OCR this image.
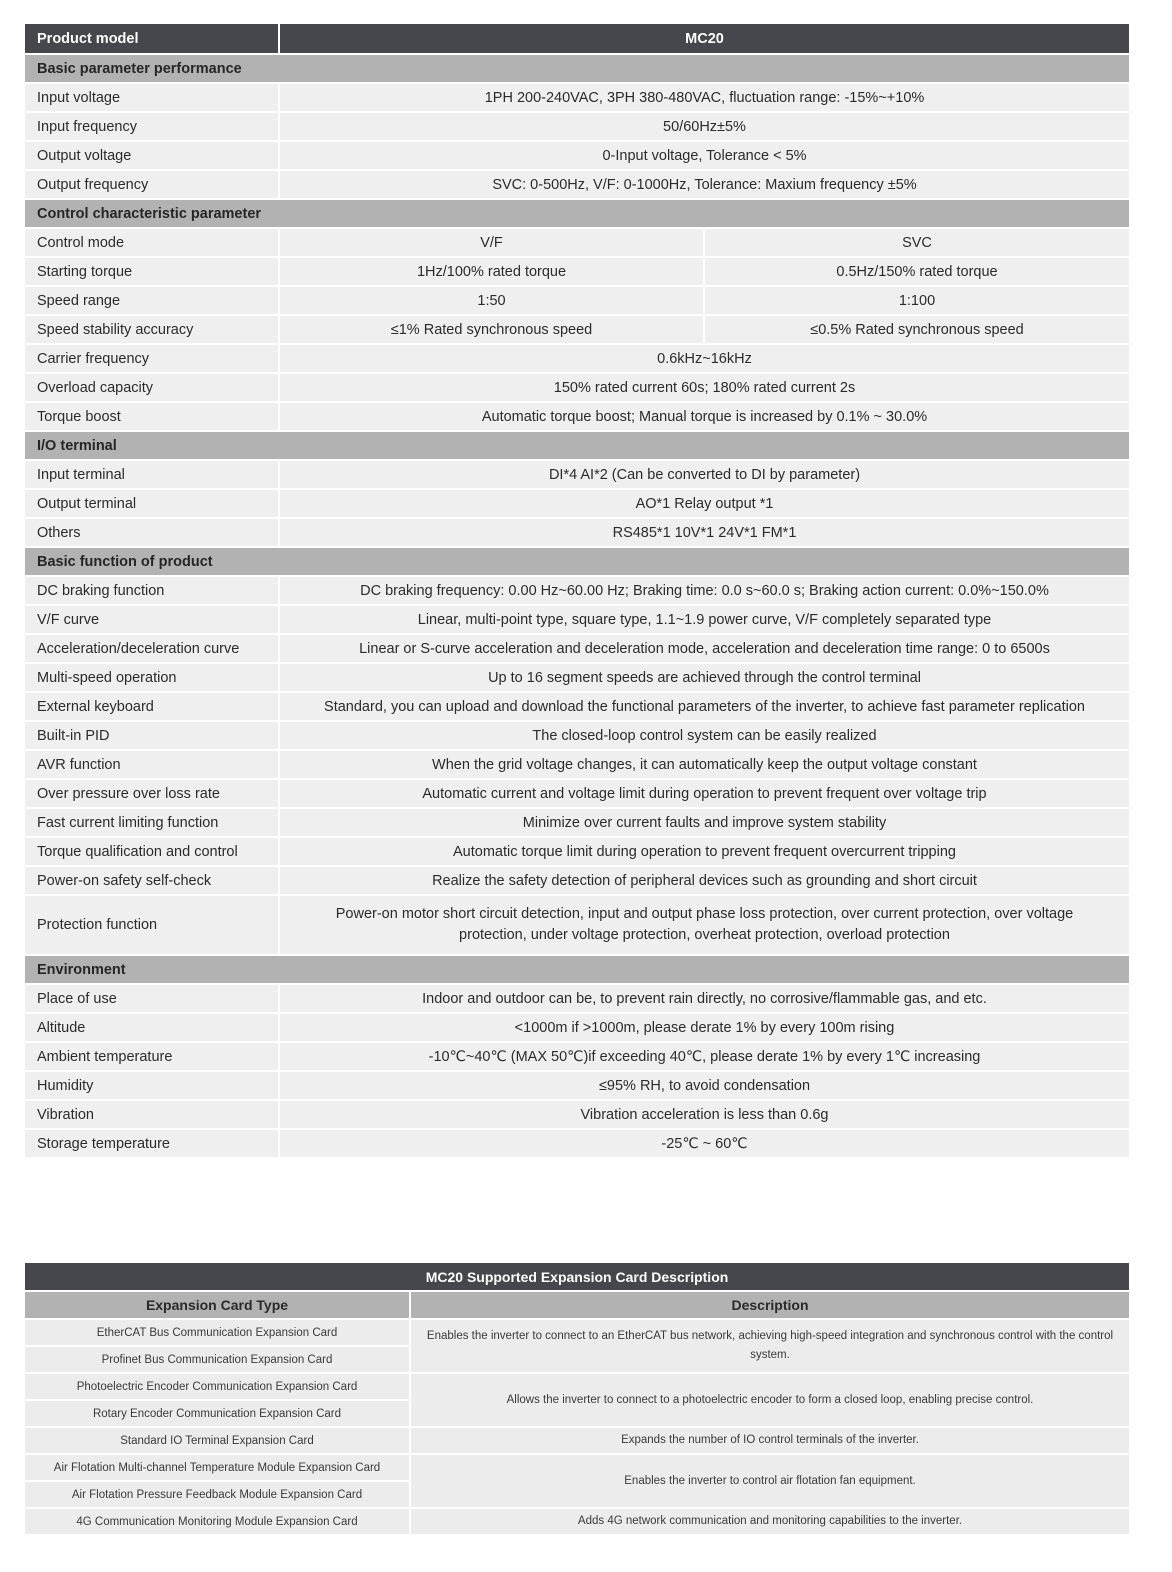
Product model	MC20	
Basic parameter performance		
Input voltage	1PH 200-240VAC, 3PH 380-480VAC, fluctuation range: -15%~+10%	
Input frequency	50/60Hz±5%	
Output voltage	0-Input voltage, Tolerance < 5%	
Output frequency	SVC: 0-500Hz, V/F: 0-1000Hz, Tolerance: Maxium frequency ±5%	
Control characteristic parameter		
Control mode	V/F	SVC
Starting torque	1Hz/100% rated torque	0.5Hz/150% rated torque
Speed range	1:50	1:100
Speed stability accuracy	≤1% Rated synchronous speed	≤0.5% Rated synchronous speed
Carrier frequency	0.6kHz~16kHz	
Overload capacity	150% rated current 60s; 180% rated current 2s	
Torque boost	Automatic torque boost; Manual torque is increased by 0.1% ~ 30.0%	
I/O terminal		
Input terminal	DI*4 AI*2 (Can be converted to DI by parameter)	
Output terminal	AO*1 Relay output *1	
Others	RS485*1 10V*1 24V*1 FM*1	
Basic function of product		
DC braking function	DC braking frequency: 0.00 Hz~60.00 Hz; Braking time: 0.0 s~60.0 s; Braking action current: 0.0%~150.0%	
V/F curve	Linear, multi-point type, square type, 1.1~1.9 power curve, V/F completely separated type	
Acceleration/deceleration curve	Linear or S-curve acceleration and deceleration mode, acceleration and deceleration time range: 0 to 6500s	
Multi-speed operation	Up to 16 segment speeds are achieved through the control terminal	
External keyboard	Standard, you can upload and download the functional parameters of the inverter, to achieve fast parameter replication	
Built-in PID	The closed-loop control system can be easily realized	
AVR function	When the grid voltage changes, it can automatically keep the output voltage constant	
Over pressure over loss rate	Automatic current and voltage limit during operation to prevent frequent over voltage trip	
Fast current limiting function	Minimize over current faults and improve system stability	
Torque qualification and control	Automatic torque limit during operation to prevent frequent overcurrent tripping	
Power-on safety self-check	Realize the safety detection of peripheral devices such as grounding and short circuit	
Protection function	Power-on motor short circuit detection, input and output phase loss protection, over current protection, over voltage protection, under voltage protection, overheat protection, overload protection	
Environment		
Place of use	Indoor and outdoor can be, to prevent rain directly, no corrosive/flammable gas, and etc.	
Altitude	<1000m if >1000m, please derate 1% by every 100m rising	
Ambient temperature	-10℃~40℃ (MAX 50℃)if exceeding 40℃, please derate 1% by every 1℃ increasing	
Humidity	≤95% RH, to avoid condensation	
Vibration	Vibration acceleration is less than 0.6g	
Storage temperature	-25℃ ~ 60℃	
MC20 Supported Expansion Card Description	
Expansion Card Type	Description
EtherCAT Bus Communication Expansion Card	Enables the inverter to connect to an EtherCAT bus network, achieving high-speed integration and synchronous control with the control system.
Profinet Bus Communication Expansion Card	
Photoelectric Encoder Communication Expansion Card	Allows the inverter to connect to a photoelectric encoder to form a closed loop, enabling precise control.
Rotary Encoder Communication Expansion Card	
Standard IO Terminal Expansion Card	Expands the number of IO control terminals of the inverter.
Air Flotation Multi-channel Temperature Module Expansion Card	Enables the inverter to control air flotation fan equipment.
Air Flotation Pressure Feedback Module Expansion Card	
4G Communication Monitoring Module Expansion Card	Adds 4G network communication and monitoring capabilities to the inverter.
